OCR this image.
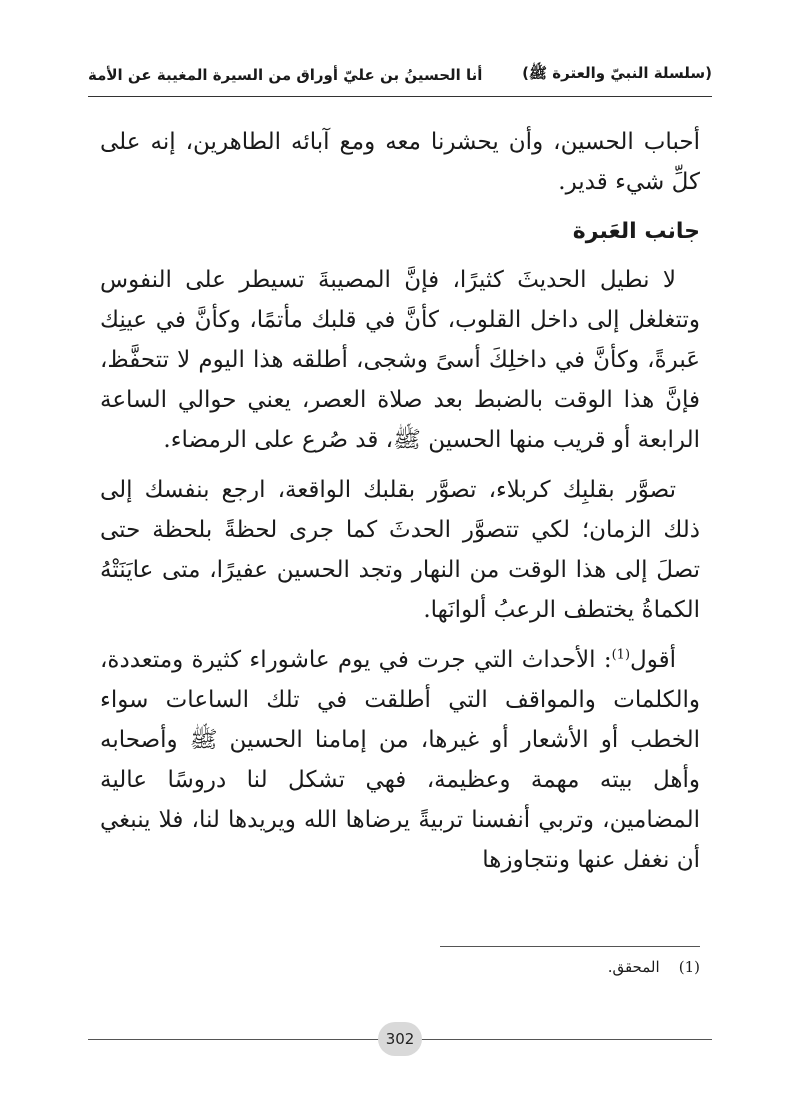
(سلسلة النبيّ والعترة ﷺ)
أنا الحسينُ بن عليّ أوراق من السيرة المغيبة عن الأمة

أحباب الحسين، وأن يحشرنا معه ومع آبائه الطاهرين، إنه على كلِّ شيء قدير.

جانب العَبرة

لا نطيل الحديثَ كثيرًا، فإنَّ المصيبةَ تسيطر على النفوس وتتغلغل إلى داخل القلوب، كأنَّ في قلبك مأتمًا، وكأنَّ في عينِك عَبرةً، وكأنَّ في داخلِكَ أسىً وشجى، أطلقه هذا اليوم لا تتحفَّظ، فإنَّ هذا الوقت بالضبط بعد صلاة العصر، يعني حوالي الساعة الرابعة أو قريب منها الحسين ﷺ، قد صُرع على الرمضاء.

تصوَّر بقلبِك كربلاء، تصوَّر بقلبك الواقعة، ارجع بنفسك إلى ذلك الزمان؛ لكي تتصوَّر الحدثَ كما جرى لحظةً بلحظة حتى تصلَ إلى هذا الوقت من النهار وتجد الحسين عفيرًا، متى عايَنَتْهُ الكماةُ يختطف الرعبُ ألوانَها.

أقول$^{(1)}$: الأحداث التي جرت في يوم عاشوراء كثيرة ومتعددة، والكلمات والمواقف التي أطلقت في تلك الساعات سواء الخطب أو الأشعار أو غيرها، من إمامنا الحسين ﷺ وأصحابه وأهل بيته مهمة وعظيمة، فهي تشكل لنا دروسًا عالية المضامين، وتربي أنفسنا تربيةً يرضاها الله ويريدها لنا، فلا ينبغي أن نغفل عنها ونتجاوزها

(1)    المحقق.
302
